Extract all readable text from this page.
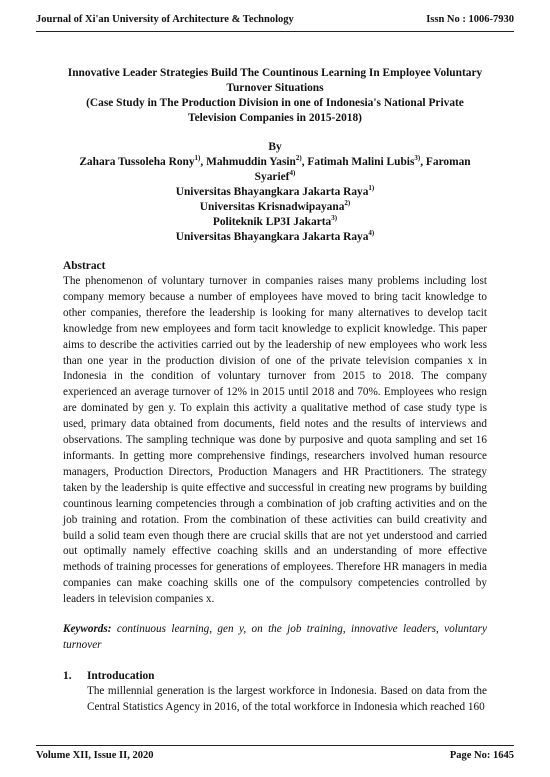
Journal of Xi'an University of Architecture & Technology	Issn No : 1006-7930

Innovative Leader Strategies Build The Countinous Learning In Employee Voluntary
Turnover Situations
(Case Study in The Production Division in one of Indonesia's National Private
Television Companies in 2015-2018)

By

Zahara Tussoleha Rony$^{1)}$, Mahmuddin Yasin$^{2)}$, Fatimah Malini Lubis$^{3)}$, Faroman
Syarief$^{4)}$

Universitas Bhayangkara Jakarta Raya$^{1)}$

Universitas Krisnadwipayana$^{2)}$

Politeknik LP3I Jakarta$^{3)}$

Universitas Bhayangkara Jakarta Raya$^{4)}$

Abstract

The phenomenon of voluntary turnover in companies raises many problems including lost company memory because a number of employees have moved to bring tacit knowledge to other companies, therefore the leadership is looking for many alternatives to develop tacit knowledge from new employees and form tacit knowledge to explicit knowledge. This paper aims to describe the activities carried out by the leadership of new employees who work less than one year in the production division of one of the private television companies x in Indonesia in the condition of voluntary turnover from 2015 to 2018. The company experienced an average turnover of 12% in 2015 until 2018 and 70%. Employees who resign are dominated by gen y. To explain this activity a qualitative method of case study type is used, primary data obtained from documents, field notes and the results of interviews and observations. The sampling technique was done by purposive and quota sampling and set 16 informants. In getting more comprehensive findings, researchers involved human resource managers, Production Directors, Production Managers and HR Practitioners. The strategy taken by the leadership is quite effective and successful in creating new programs by building countinous learning competencies through a combination of job crafting activities and on the job training and rotation. From the combination of these activities can build creativity and build a solid team even though there are crucial skills that are not yet understood and carried out optimally namely effective coaching skills and an understanding of more effective methods of training processes for generations of employees. Therefore HR managers in media companies can make coaching skills one of the compulsory competencies controlled by leaders in television companies x.

Keywords: continuous learning, gen y, on the job training, innovative leaders, voluntary turnover

1. Introducation

The millennial generation is the largest workforce in Indonesia. Based on data from the Central Statistics Agency in 2016, of the total workforce in Indonesia which reached 160

Volume XII, Issue II, 2020	Page No: 1645
